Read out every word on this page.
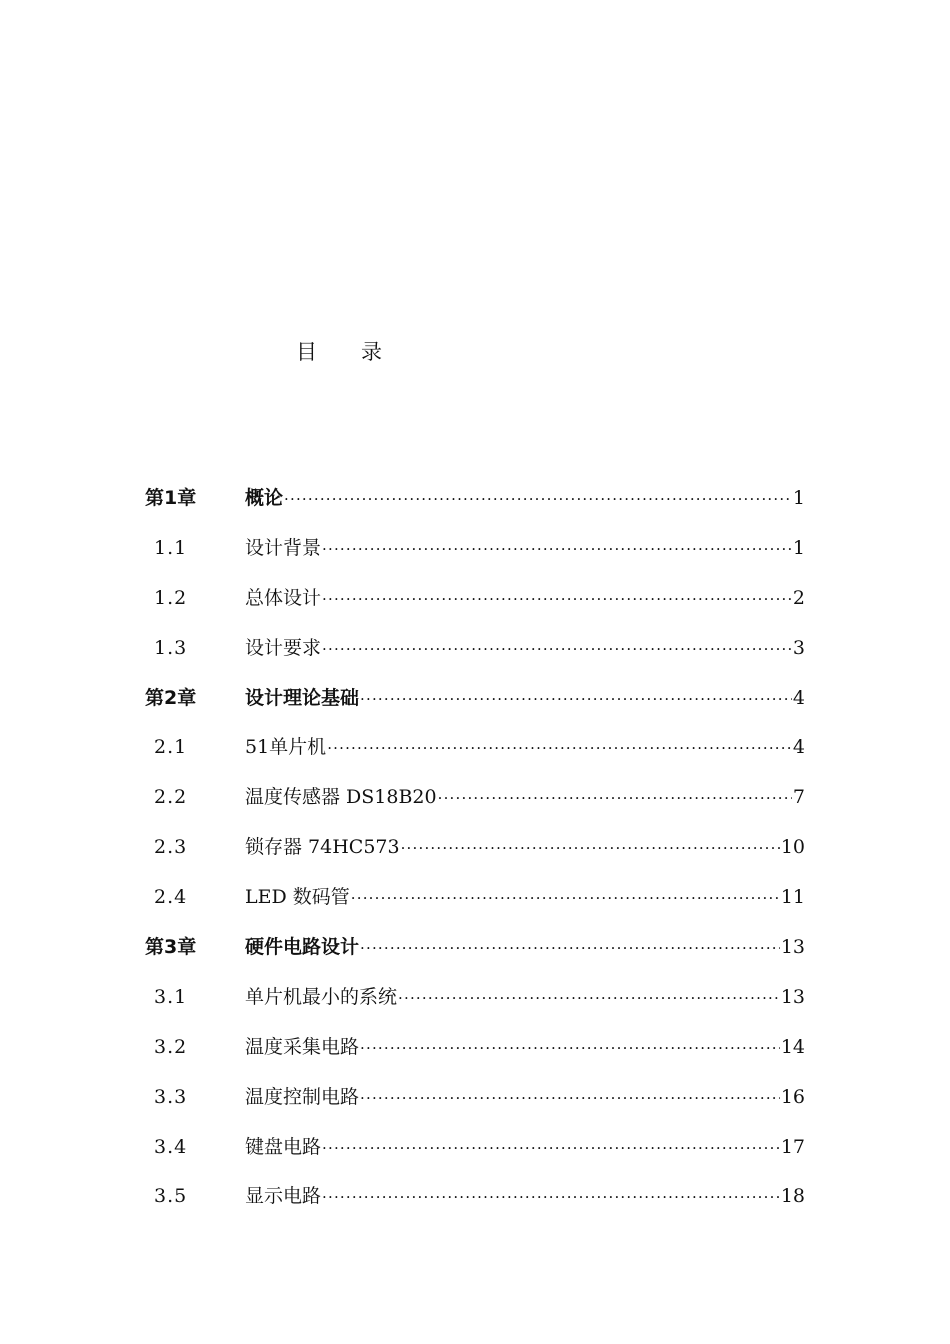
目 录
第1章	概论 ·····	1
1.1	设计背景 ·····	1
1.2	总体设计 ·····	2
1.3	设计要求 ·····	3
第2章	设计理论基础 ·····	4
2.1	51单片机 ·····	4
2.2	温度传感器 DS18B20 ·····	7
2.3	锁存器 74HC573 ·····	10
2.4	LED 数码管 ·····	11
第3章	硬件电路设计 ·····	13
3.1	单片机最小的系统 ·····	13
3.2	温度采集电路 ·····	14
3.3	温度控制电路 ·····	16
3.4	键盘电路 ·····	17
3.5	显示电路 ·····	18
